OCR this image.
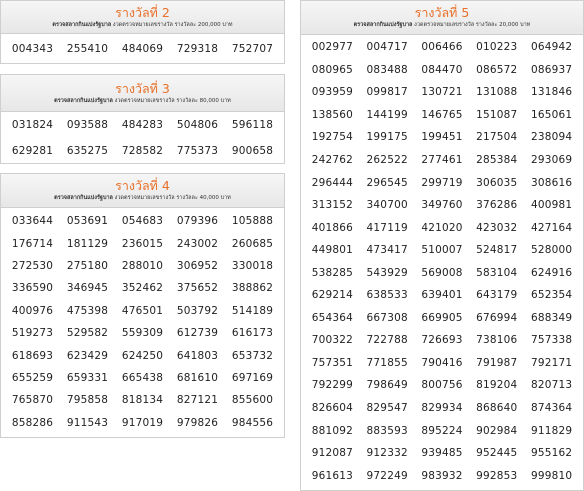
รางวัลที่ 2
ตรวจสลากกินแบ่งรัฐบาล งวดตรวจหมายเลขรางวัล รางวัลละ 200,000 บาท
004343	255410	484069	729318	752707
รางวัลที่ 3
ตรวจสลากกินแบ่งรัฐบาล งวดตรวจหมายเลขรางวัล รางวัลละ 80,000 บาท
031824	093588	484283	504806	596118
629281	635275	728582	775373	900658
รางวัลที่ 4
ตรวจสลากกินแบ่งรัฐบาล งวดตรวจหมายเลขรางวัล รางวัลละ 40,000 บาท
033644	053691	054683	079396	105888
176714	181129	236015	243002	260685
272530	275180	288010	306952	330018
336590	346945	352462	375652	388862
400976	475398	476501	503792	514189
519273	529582	559309	612739	616173
618693	623429	624250	641803	653732
655259	659331	665438	681610	697169
765870	795858	818134	827121	855600
858286	911543	917019	979826	984556
รางวัลที่ 5
ตรวจสลากกินแบ่งรัฐบาล งวดตรวจหมายเลขรางวัล รางวัลละ 20,000 บาท
002977	004717	006466	010223	064942
080965	083488	084470	086572	086937
093959	099817	130721	131088	131846
138560	144199	146765	151087	165061
192754	199175	199451	217504	238094
242762	262522	277461	285384	293069
296444	296545	299719	306035	308616
313152	340700	349760	376286	400981
401866	417119	421020	423032	427164
449801	473417	510007	524817	528000
538285	543929	569008	583104	624916
629214	638533	639401	643179	652354
654364	667308	669905	676994	688349
700322	722788	726693	738106	757338
757351	771855	790416	791987	792171
792299	798649	800756	819204	820713
826604	829547	829934	868640	874364
881092	883593	895224	902984	911829
912087	912332	939485	952445	955162
961613	972249	983932	992853	999810
